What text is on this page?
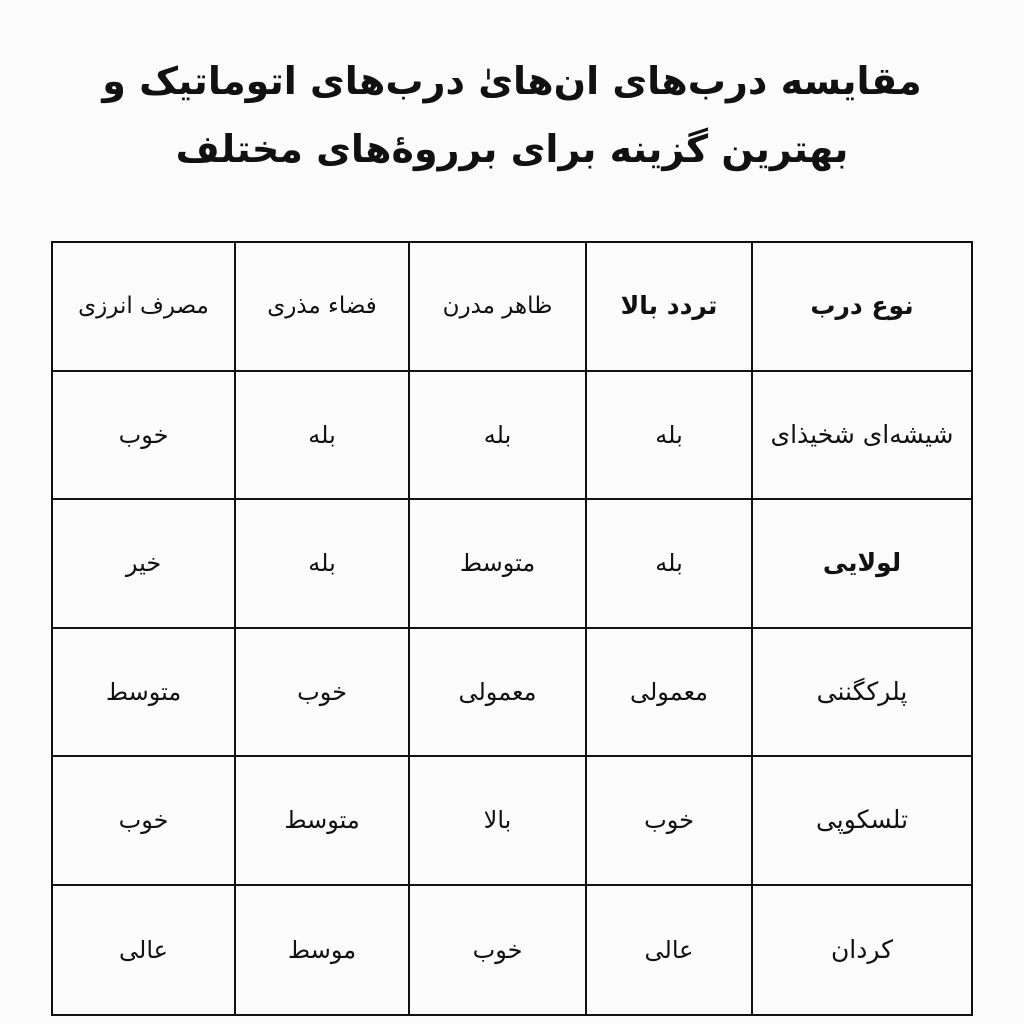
مقایسه درب‌های ان‌هایٰ درب‌های اتوماتیک و
بهترین گزینه برای برروۀهای مختلف
مصرف انرزی	فضاء مذری	ظاهر مدرن	تردد بالا	نوع درب
خوب	بله	بله	بله	شیشه‌ای شخیذای
خیر	بله	متوسط	بله	لولایی
متوسط	خوب	معمولی	معمولی	پلرکگننی
خوب	متوسط	بالا	خوب	تلسکوپی
عالی	موسط	خوب	عالی	کردان
